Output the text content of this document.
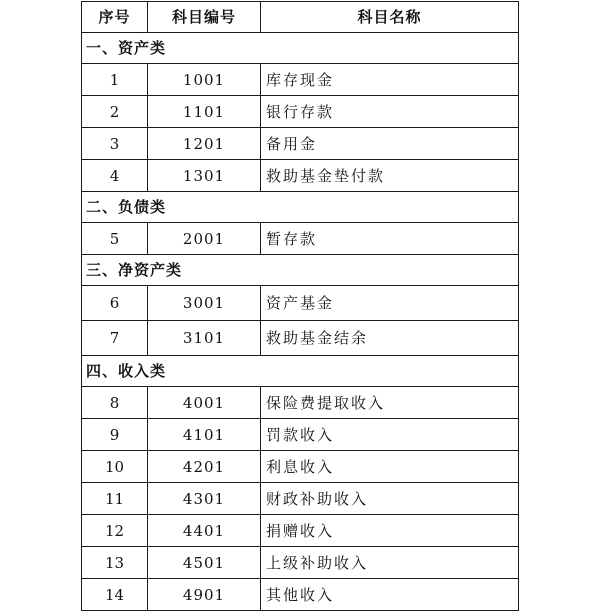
序号	科目编号	科目名称
一、资产类		
1	1001	库存现金
2	1101	银行存款
3	1201	备用金
4	1301	救助基金垫付款
二、负债类		
5	2001	暂存款
三、净资产类		
6	3001	资产基金
7	3101	救助基金结余
四、收入类		
8	4001	保险费提取收入
9	4101	罚款收入
10	4201	利息收入
11	4301	财政补助收入
12	4401	捐赠收入
13	4501	上级补助收入
14	4901	其他收入
